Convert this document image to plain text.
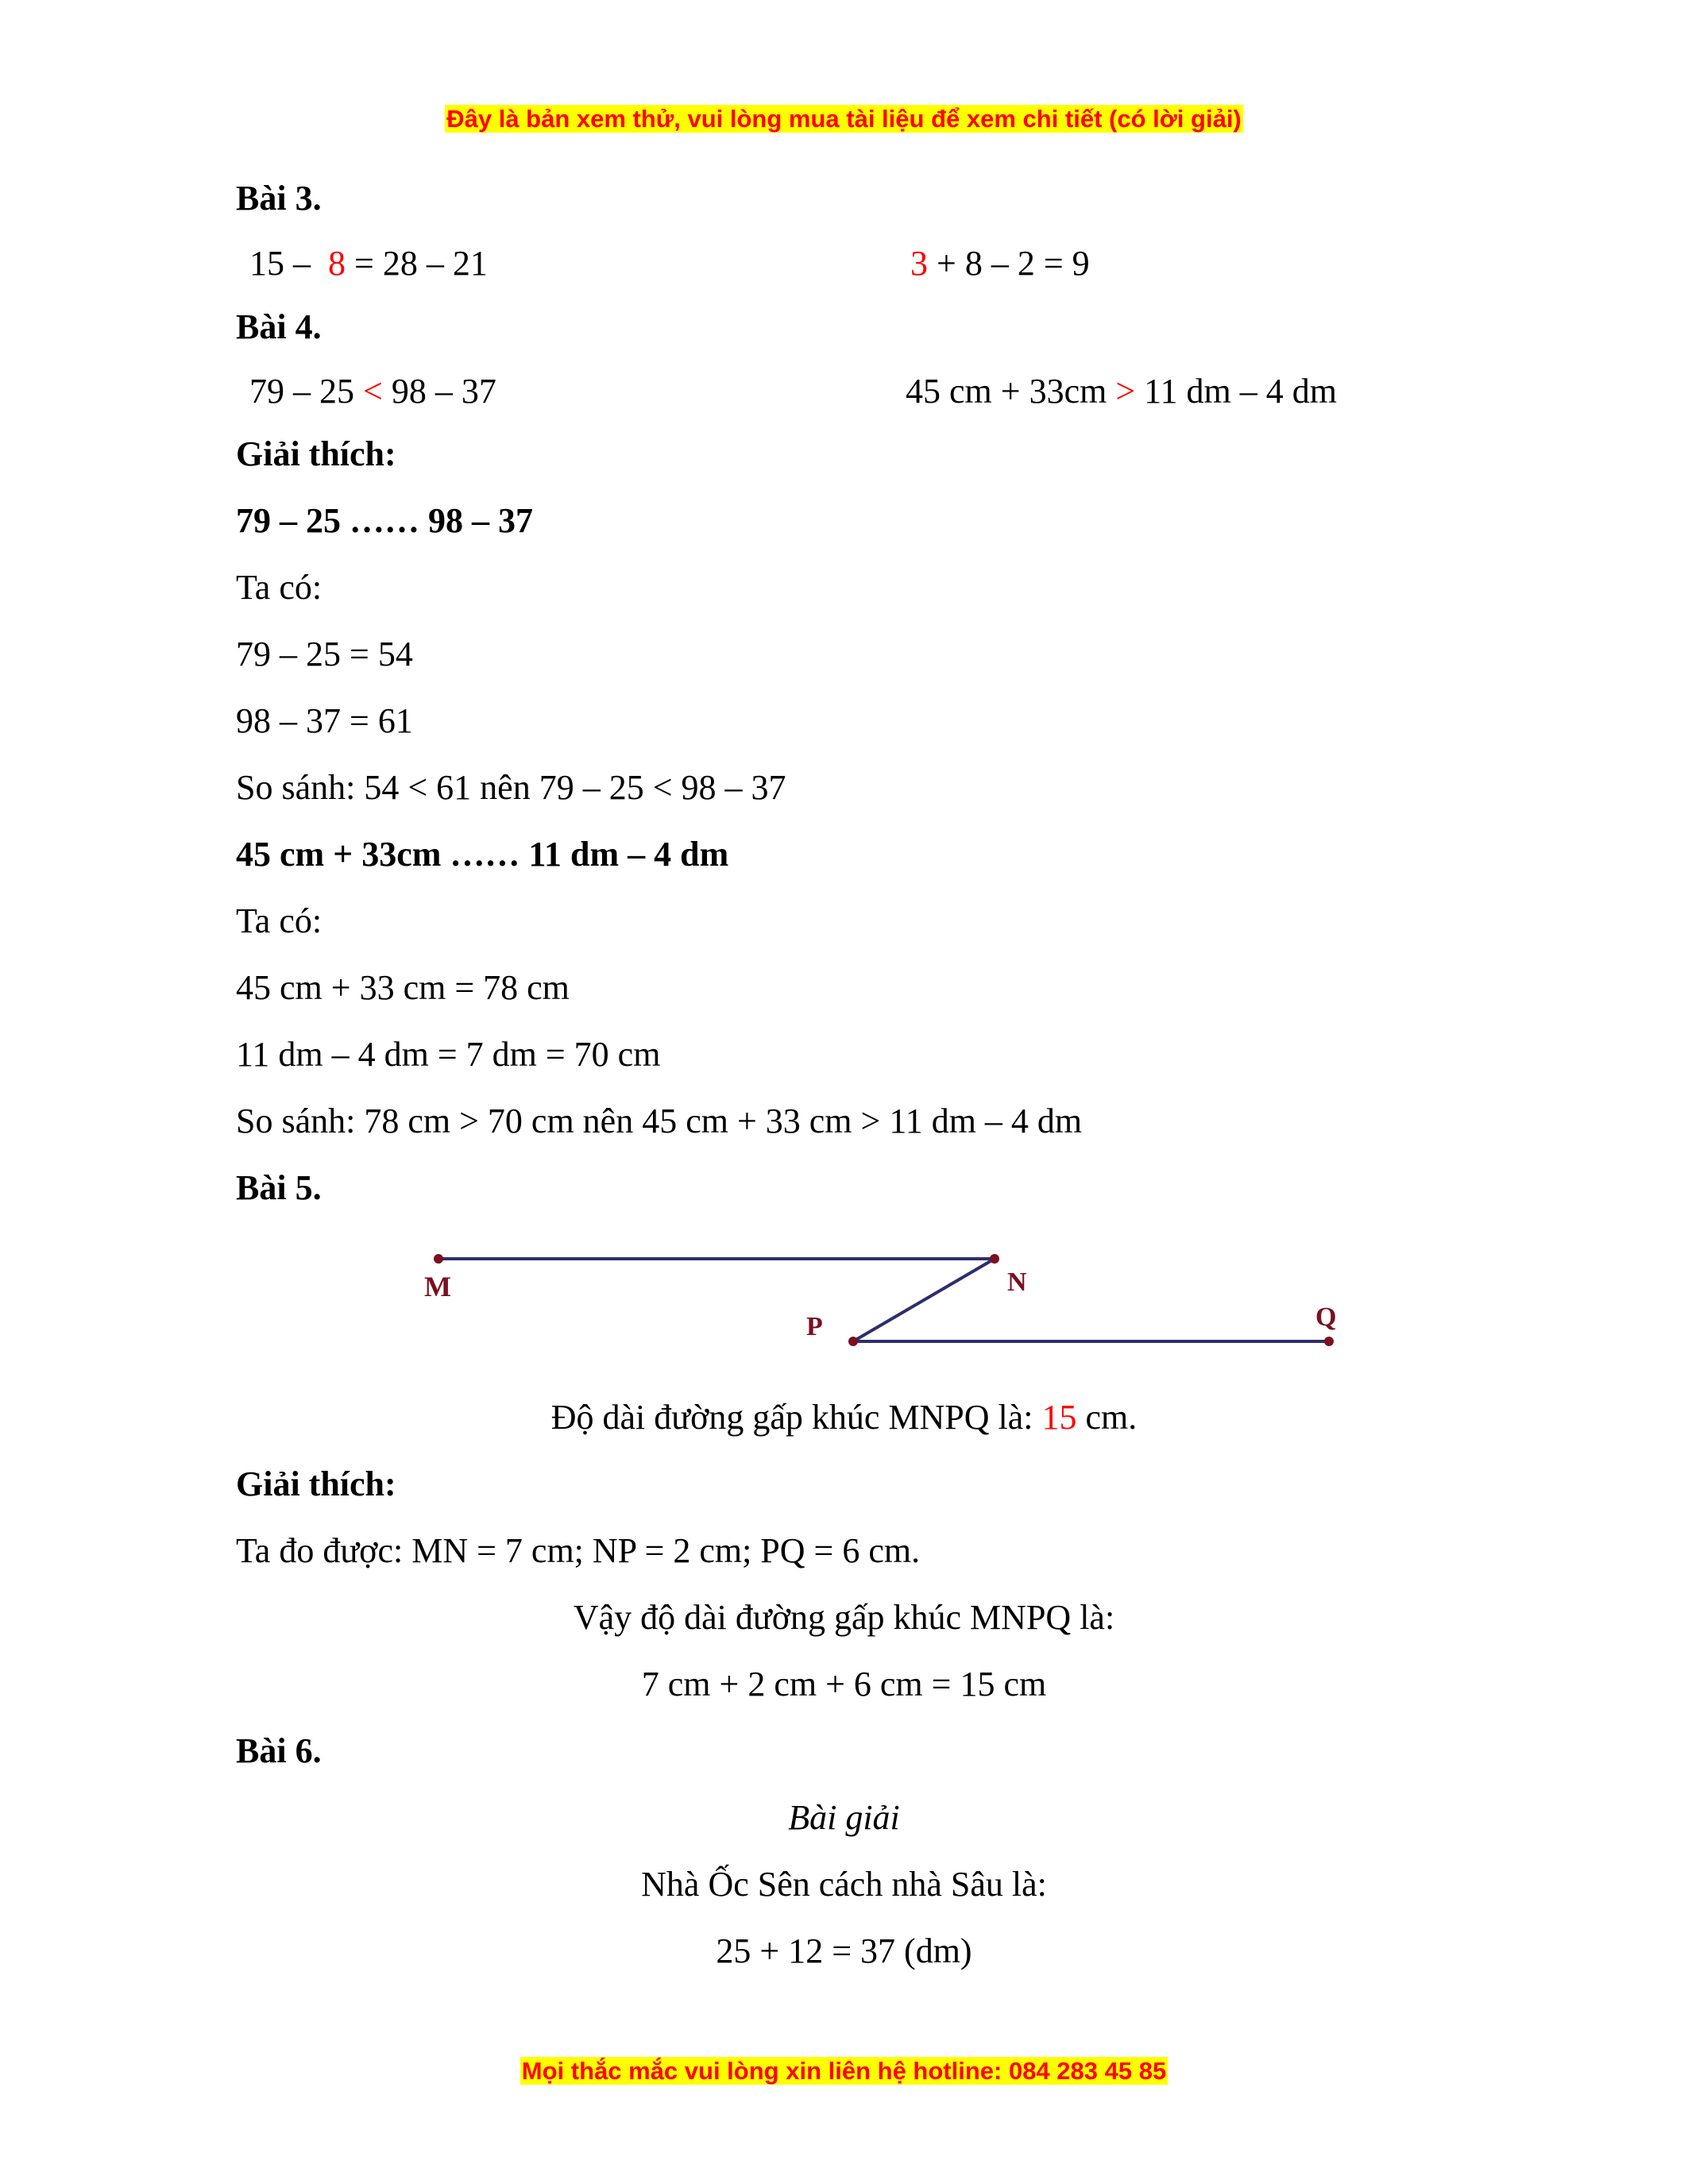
Đây là bản xem thử, vui lòng mua tài liệu để xem chi tiết (có lời giải)
Bài 3.
15 –  8 = 28 – 21	3 + 8 – 2 = 9
Bài 4.
79 – 25 < 98 – 37	45 cm + 33cm > 11 dm – 4 dm
Giải thích:
79 – 25 …… 98 – 37
Ta có:
79 – 25 = 54
98 – 37 = 61
So sánh: 54 < 61 nên 79 – 25 < 98 – 37
45 cm + 33cm …… 11 dm – 4 dm
Ta có:
45 cm + 33 cm = 78 cm
11 dm – 4 dm = 7 dm = 70 cm
So sánh: 78 cm > 70 cm nên 45 cm + 33 cm > 11 dm – 4 dm
Bài 5.
M	N
P	Q
Độ dài đường gấp khúc MNPQ là: 15 cm.
Giải thích:
Ta đo được: MN = 7 cm; NP = 2 cm; PQ = 6 cm.
Vậy độ dài đường gấp khúc MNPQ là:
7 cm + 2 cm + 6 cm = 15 cm
Bài 6.
Bài giải
Nhà Ốc Sên cách nhà Sâu là:
25 + 12 = 37 (dm)
Mọi thắc mắc vui lòng xin liên hệ hotline: 084 283 45 85
